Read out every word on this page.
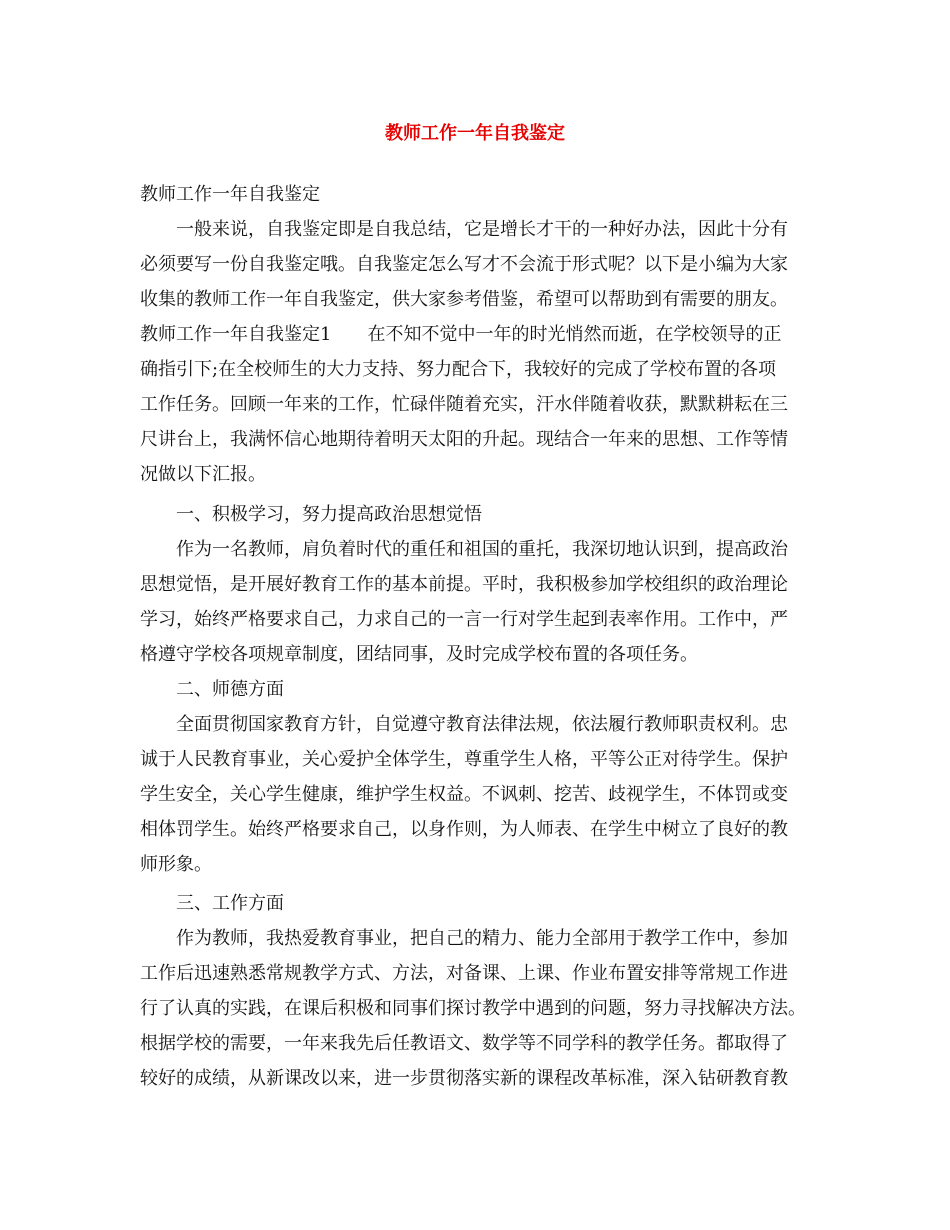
教师工作一年自我鉴定

教师工作一年自我鉴定

一般来说，自我鉴定即是自我总结，它是增长才干的一种好办法，因此十分有

必须要写一份自我鉴定哦。自我鉴定怎么写才不会流于形式呢？以下是小编为大家

收集的教师工作一年自我鉴定，供大家参考借鉴，希望可以帮助到有需要的朋友。

教师工作一年自我鉴定1 在不知不觉中一年的时光悄然而逝，在学校领导的正

确指引下;在全校师生的大力支持、努力配合下，我较好的完成了学校布置的各项

工作任务。回顾一年来的工作，忙碌伴随着充实，汗水伴随着收获，默默耕耘在三

尺讲台上，我满怀信心地期待着明天太阳的升起。现结合一年来的思想、工作等情

况做以下汇报。

一、积极学习，努力提高政治思想觉悟

作为一名教师，肩负着时代的重任和祖国的重托，我深切地认识到，提高政治

思想觉悟，是开展好教育工作的基本前提。平时，我积极参加学校组织的政治理论

学习，始终严格要求自己，力求自己的一言一行对学生起到表率作用。工作中，严

格遵守学校各项规章制度，团结同事，及时完成学校布置的各项任务。

二、师德方面

全面贯彻国家教育方针，自觉遵守教育法律法规，依法履行教师职责权利。忠

诚于人民教育事业，关心爱护全体学生，尊重学生人格，平等公正对待学生。保护

学生安全，关心学生健康，维护学生权益。不讽刺、挖苦、歧视学生，不体罚或变

相体罚学生。始终严格要求自己，以身作则，为人师表、在学生中树立了良好的教

师形象。

三、工作方面

作为教师，我热爱教育事业，把自己的精力、能力全部用于教学工作中，参加

工作后迅速熟悉常规教学方式、方法，对备课、上课、作业布置安排等常规工作进

行了认真的实践，在课后积极和同事们探讨教学中遇到的问题，努力寻找解决方法。

根据学校的需要，一年来我先后任教语文、数学等不同学科的教学任务。都取得了

较好的成绩，从新课改以来，进一步贯彻落实新的课程改革标准，深入钻研教育教
